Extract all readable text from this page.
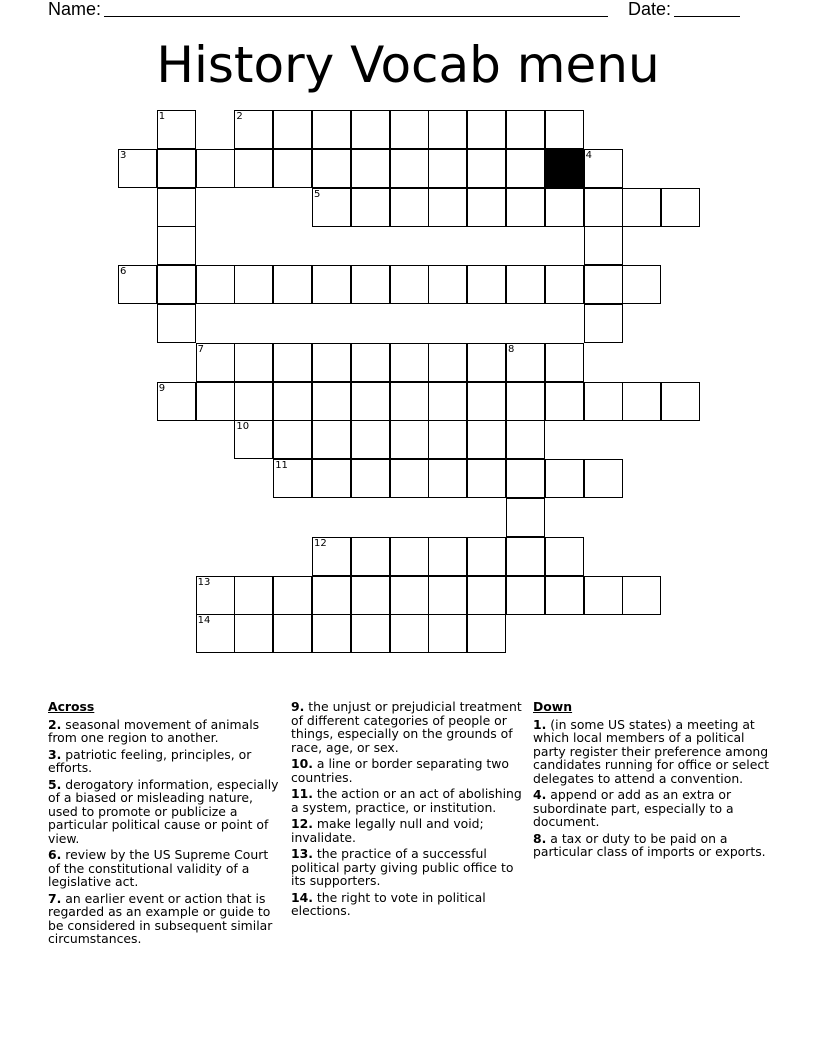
Name:	Date:
History Vocab menu
1	2
3	4
5
6
7	8
9
10
11
12
13
14
Across
2. seasonal movement of animals from one region to another.
3. patriotic feeling, principles, or efforts.
5. derogatory information, especially of a biased or misleading nature, used to promote or publicize a particular political cause or point of view.
6. review by the US Supreme Court of the constitutional validity of a legislative act.
7. an earlier event or action that is regarded as an example or guide to be considered in subsequent similar circumstances.
9. the unjust or prejudicial treatment of different categories of people or things, especially on the grounds of race, age, or sex.
10. a line or border separating two countries.
11. the action or an act of abolishing a system, practice, or institution.
12. make legally null and void; invalidate.
13. the practice of a successful political party giving public office to its supporters.
14. the right to vote in political elections.
Down
1. (in some US states) a meeting at which local members of a political party register their preference among candidates running for office or select delegates to attend a convention.
4. append or add as an extra or subordinate part, especially to a document.
8. a tax or duty to be paid on a particular class of imports or exports.
